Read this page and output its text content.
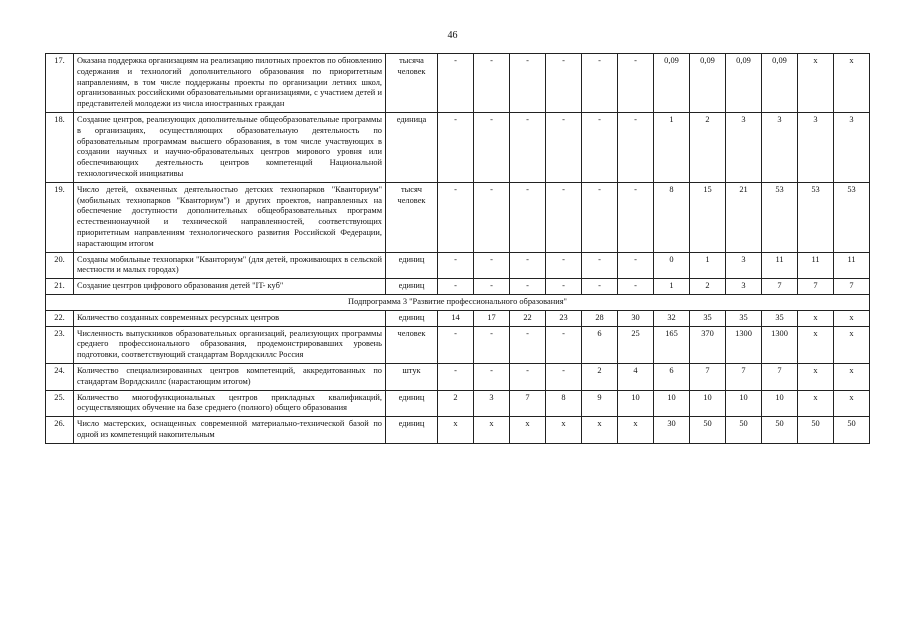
46
17.	Оказана поддержка организациям на реализацию пилотных проектов по обновлению содержания и технологий дополнительного образования по приоритетным направлениям, в том числе поддержаны проекты по организации летних школ, организованных российскими образовательными организациями, с участием детей и представителей молодежи из числа иностранных граждан	тысяча человек	-	-	-	-	-	-	0,09	0,09	0,09	0,09	x	x
18.	Создание центров, реализующих дополнительные общеобразовательные программы в организациях, осуществляющих образовательную деятельность по образовательным программам высшего образования, в том числе участвующих в создании научных и научно-образовательных центров мирового уровня или обеспечивающих деятельность центров компетенций Национальной технологической инициативы	единица	-	-	-	-	-	-	1	2	3	3	3	3
19.	Число детей, охваченных деятельностью детских технопарков "Кванториум" (мобильных технопарков "Кванториум") и других проектов, направленных на обеспечение доступности дополнительных общеобразовательных программ естественнонаучной и технической направленностей, соответствующих приоритетным направлениям технологического развития Российской Федерации, нарастающим итогом	тысяч человек	-	-	-	-	-	-	8	15	21	53	53	53
20.	Созданы мобильные технопарки "Кванториум" (для детей, проживающих в сельской местности и малых городах)	единиц	-	-	-	-	-	-	0	1	3	11	11	11
21.	Создание центров цифрового образования детей "IT- куб"	единиц	-	-	-	-	-	-	1	2	3	7	7	7
Подпрограмма 3 "Развитие профессионального образования"														
22.	Количество созданных современных ресурсных центров	единиц	14	17	22	23	28	30	32	35	35	35	x	x
23.	Численность выпускников образовательных организаций, реализующих программы среднего профессионального образования, продемонстрировавших уровень подготовки, соответствующий стандартам Ворлдскиллс Россия	человек	-	-	-	-	6	25	165	370	1300	1300	x	x
24.	Количество специализированных центров компетенций, аккредитованных по стандартам Ворлдскиллс (нарастающим итогом)	штук	-	-	-	-	2	4	6	7	7	7	x	x
25.	Количество многофункциональных центров прикладных квалификаций, осуществляющих обучение на базе среднего (полного) общего образования	единиц	2	3	7	8	9	10	10	10	10	10	x	x
26.	Число мастерских, оснащенных современной материально-технической базой по одной из компетенций накопительным	единиц	x	x	x	x	x	x	30	50	50	50	50	50
